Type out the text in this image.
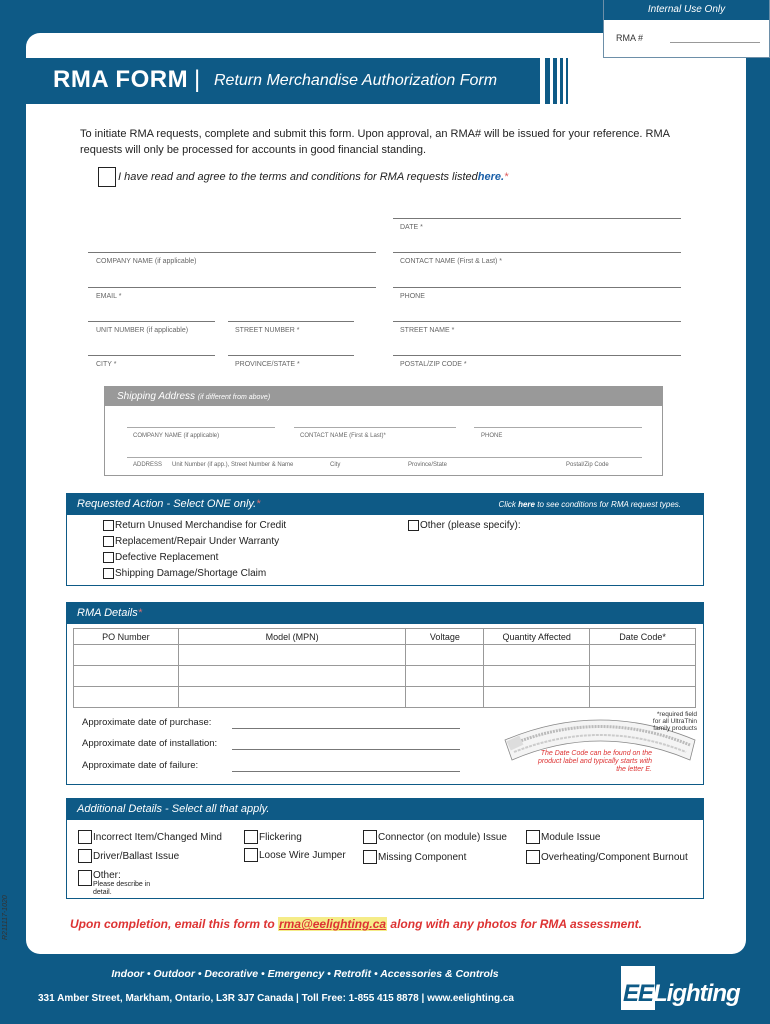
Internal Use Only
RMA #
RMA FORM | Return Merchandise Authorization Form
To initiate RMA requests, complete and submit this form. Upon approval, an RMA# will be issued for your reference. RMA requests will only be processed for accounts in good financial standing.
I have read and agree to the terms and conditions for RMA requests listed here . *
DATE *
COMPANY NAME (if applicable)	CONTACT NAME (First & Last) *
EMAIL *	PHONE
UNIT NUMBER (if applicable)	STREET NUMBER *	STREET NAME *
CITY *	PROVINCE/STATE *	POSTAL/ZIP CODE *
Shipping Address (if different from above)
COMPANY NAME (if applicable)	CONTACT NAME (First & Last)*	PHONE
ADDRESS Unit Number (if app.), Street Number & Name	City	Province/State	Postal/Zip Code
Requested Action - Select ONE only.*	Click here to see conditions for RMA request types.
Return Unused Merchandise for Credit
Replacement/Repair Under Warranty
Defective Replacement
Shipping Damage/Shortage Claim
Other (please specify):
RMA Details*
PO Number	Model (MPN)	Voltage	Quantity Affected	Date Code*

Approximate date of purchase:
Approximate date of installation:
Approximate date of failure:
*required field for all UltraThin family products
The Date Code can be found on the product label and typically starts with the letter E.
Additional Details - Select all that apply.
Incorrect Item/Changed Mind	Flickering	Connector (on module) Issue	Module Issue
Driver/Ballast Issue	Loose Wire Jumper	Missing Component	Overheating/Component Burnout
Other:
Please describe in detail.
R211117-1020	Upon completion, email this form to rma@eelighting.ca along with any photos for RMA assessment.
Indoor • Outdoor • Decorative • Emergency • Retrofit • Accessories & Controls
331 Amber Street, Markham, Ontario, L3R 3J7 Canada | Toll Free: 1-855 415 8878 | www.eelighting.ca	EELighting
